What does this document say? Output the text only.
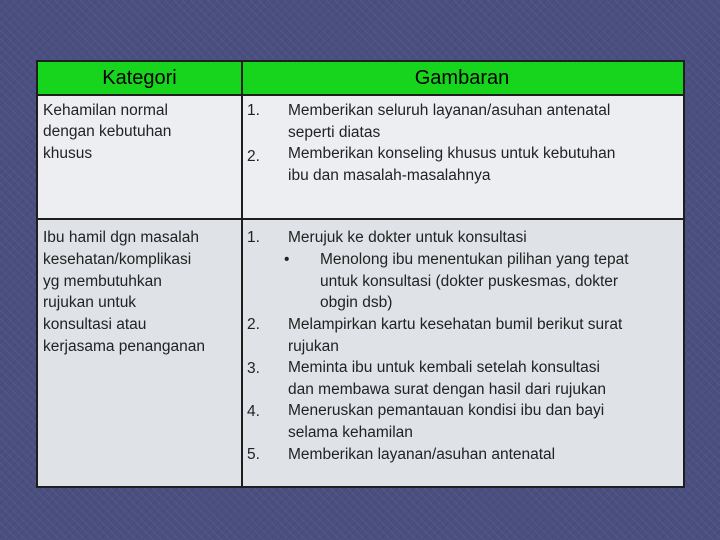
Kategori	Gambaran
Kehamilan normal
dengan kebutuhan
khusus
1. Memberikan seluruh layanan/asuhan antenatal
seperti diatas
2. Memberikan konseling khusus untuk kebutuhan
ibu dan masalah-masalahnya
Ibu hamil dgn masalah
kesehatan/komplikasi
yg membutuhkan
rujukan untuk
konsultasi atau
kerjasama penanganan
1. Merujuk ke dokter untuk konsultasi
• Menolong ibu menentukan pilihan yang tepat
untuk konsultasi (dokter puskesmas, dokter
obgin dsb)
2. Melampirkan kartu kesehatan bumil berikut surat
rujukan
3. Meminta ibu untuk kembali setelah konsultasi
dan membawa surat dengan hasil dari rujukan
4. Meneruskan pemantauan kondisi ibu dan bayi
selama kehamilan
5. Memberikan layanan/asuhan antenatal
